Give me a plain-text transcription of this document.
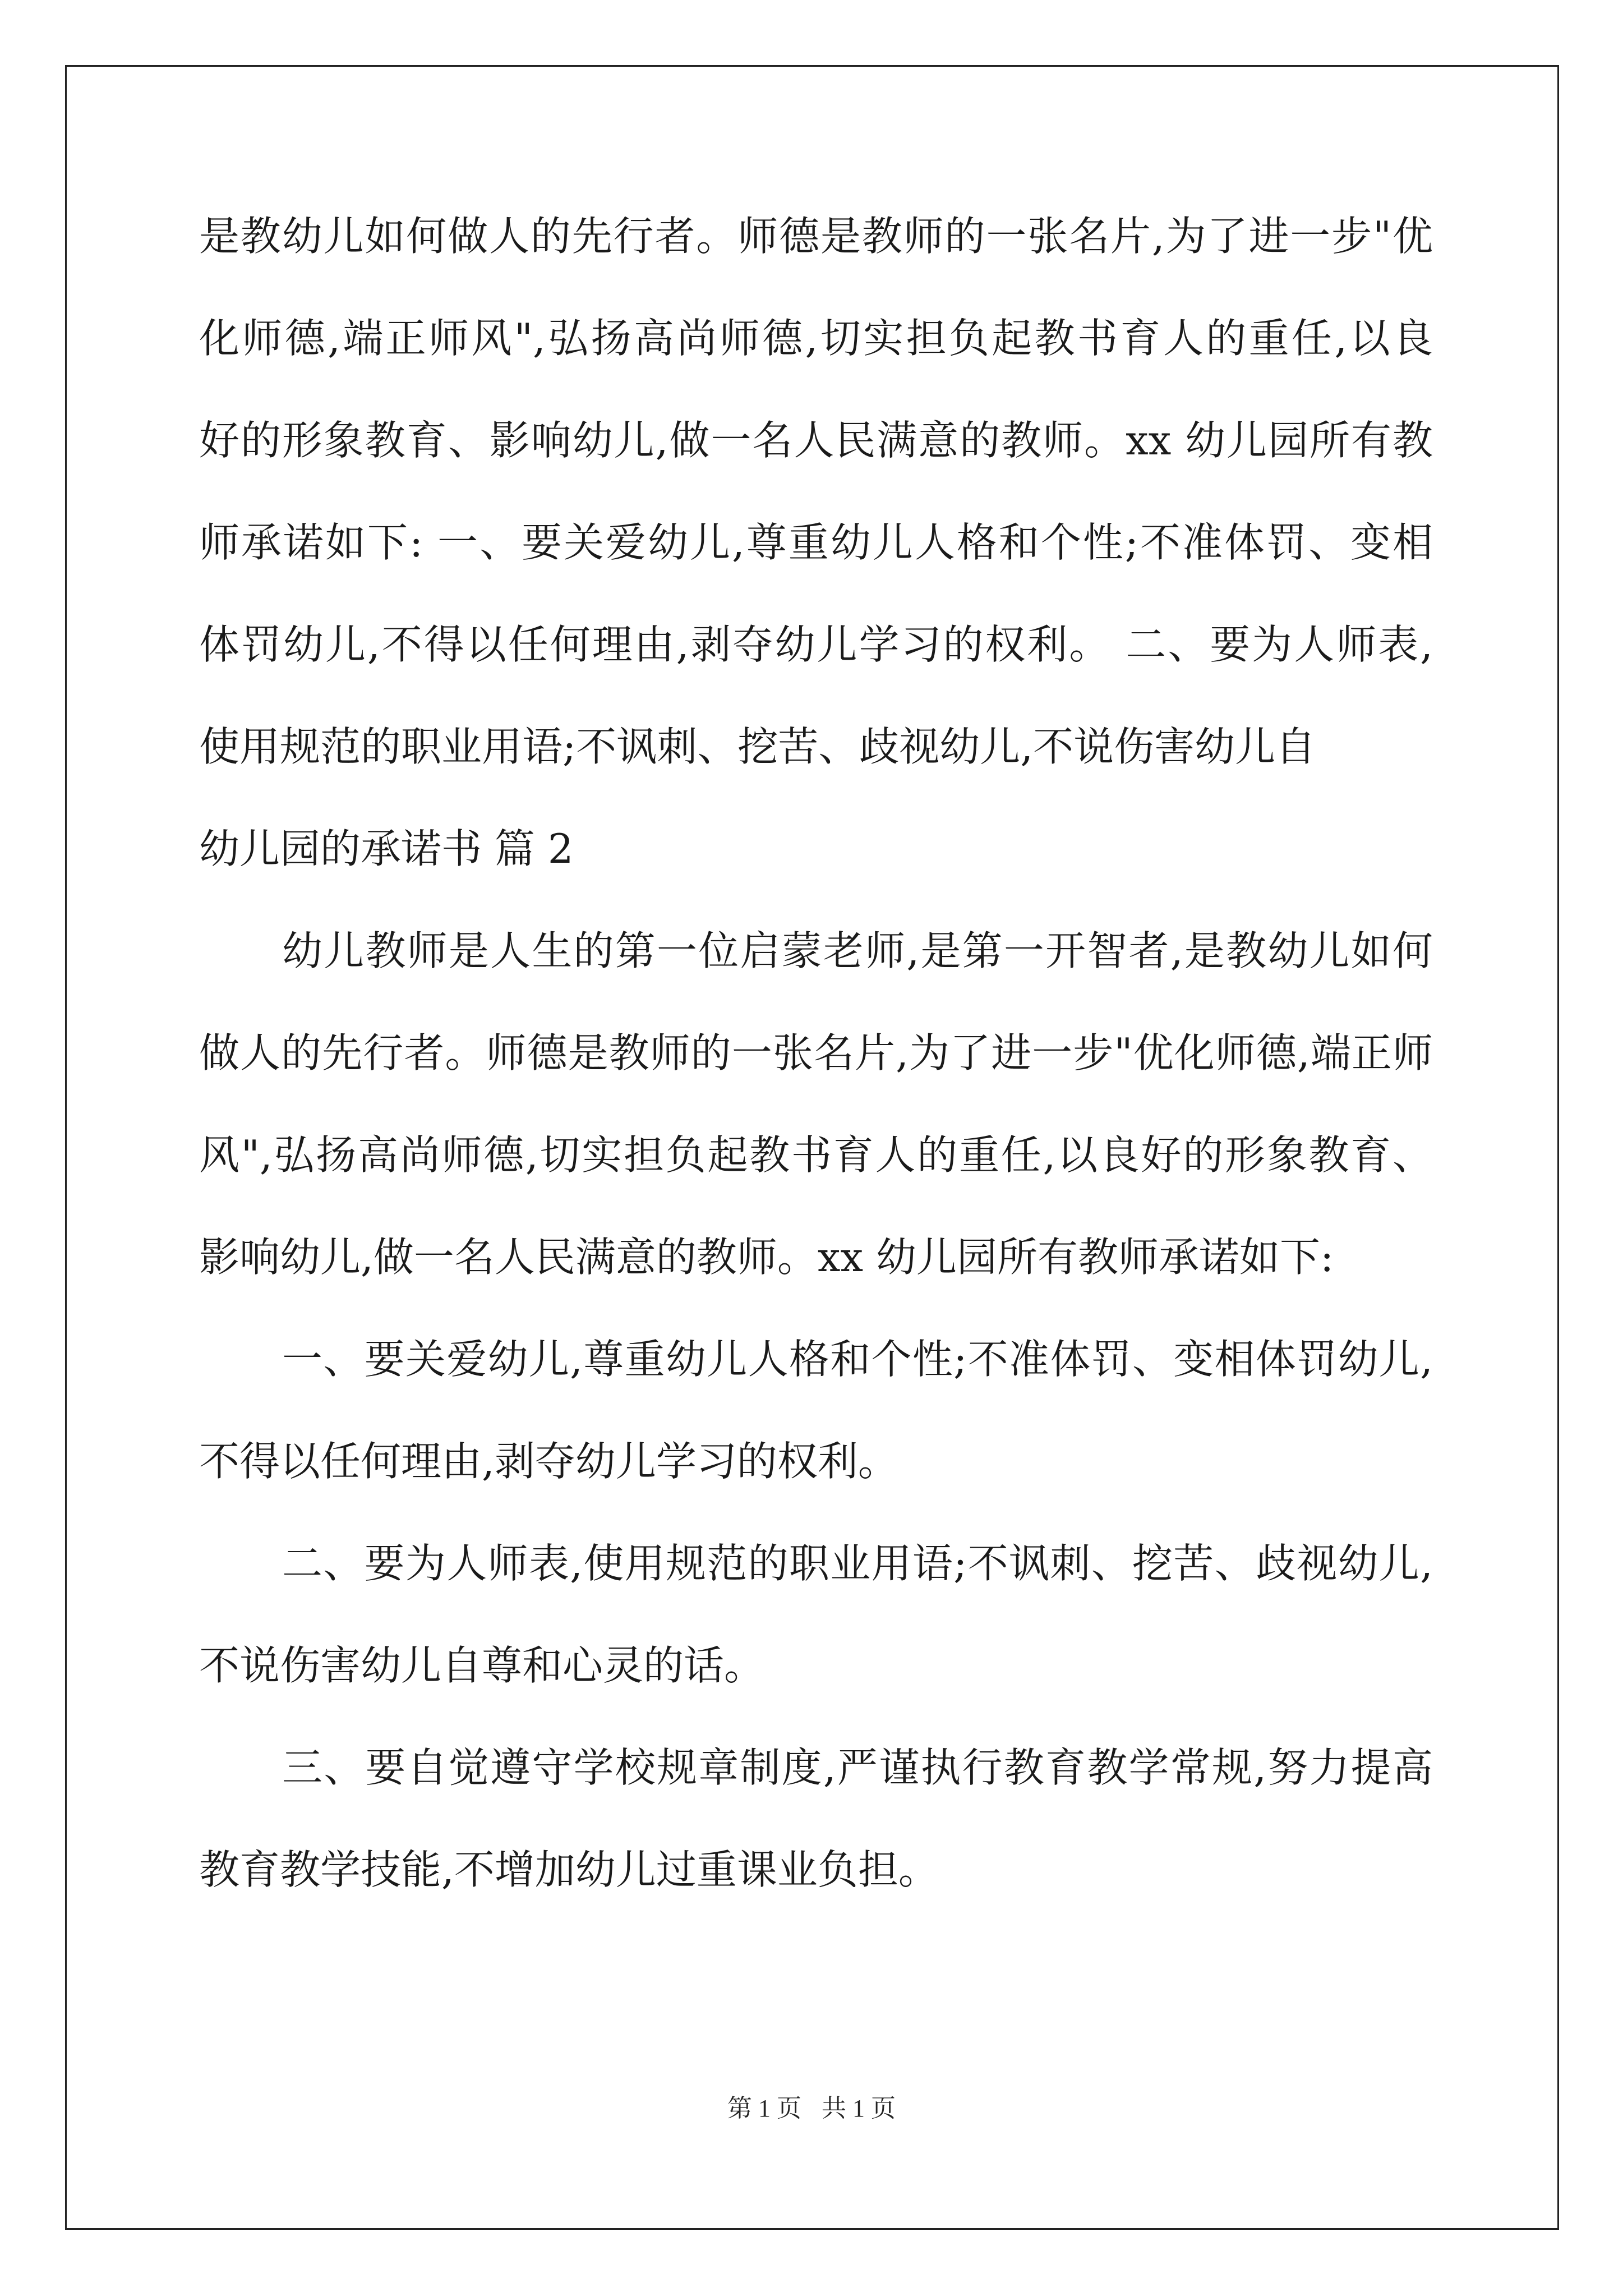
是教幼儿如何做人的先行者。师德是教师的一张名片,为了进一步"优
化师德,端正师风",弘扬高尚师德,切实担负起教书育人的重任,以良
好的形象教育、影响幼儿,做一名人民满意的教师。xx 幼儿园所有教
师承诺如下: 一、要关爱幼儿,尊重幼儿人格和个性;不准体罚、变相
体罚幼儿,不得以任何理由,剥夺幼儿学习的权利。 二、要为人师表,
使用规范的职业用语;不讽刺、挖苦、歧视幼儿,不说伤害幼儿自
幼儿园的承诺书 篇 2
幼儿教师是人生的第一位启蒙老师,是第一开智者,是教幼儿如何
做人的先行者。师德是教师的一张名片,为了进一步"优化师德,端正师
风",弘扬高尚师德,切实担负起教书育人的重任,以良好的形象教育、
影响幼儿,做一名人民满意的教师。xx 幼儿园所有教师承诺如下:
一、要关爱幼儿,尊重幼儿人格和个性;不准体罚、变相体罚幼儿,
不得以任何理由,剥夺幼儿学习的权利。
二、要为人师表,使用规范的职业用语;不讽刺、挖苦、歧视幼儿,
不说伤害幼儿自尊和心灵的话。
三、要自觉遵守学校规章制度,严谨执行教育教学常规,努力提高
教育教学技能,不增加幼儿过重课业负担。
第 1 页 共 1 页
